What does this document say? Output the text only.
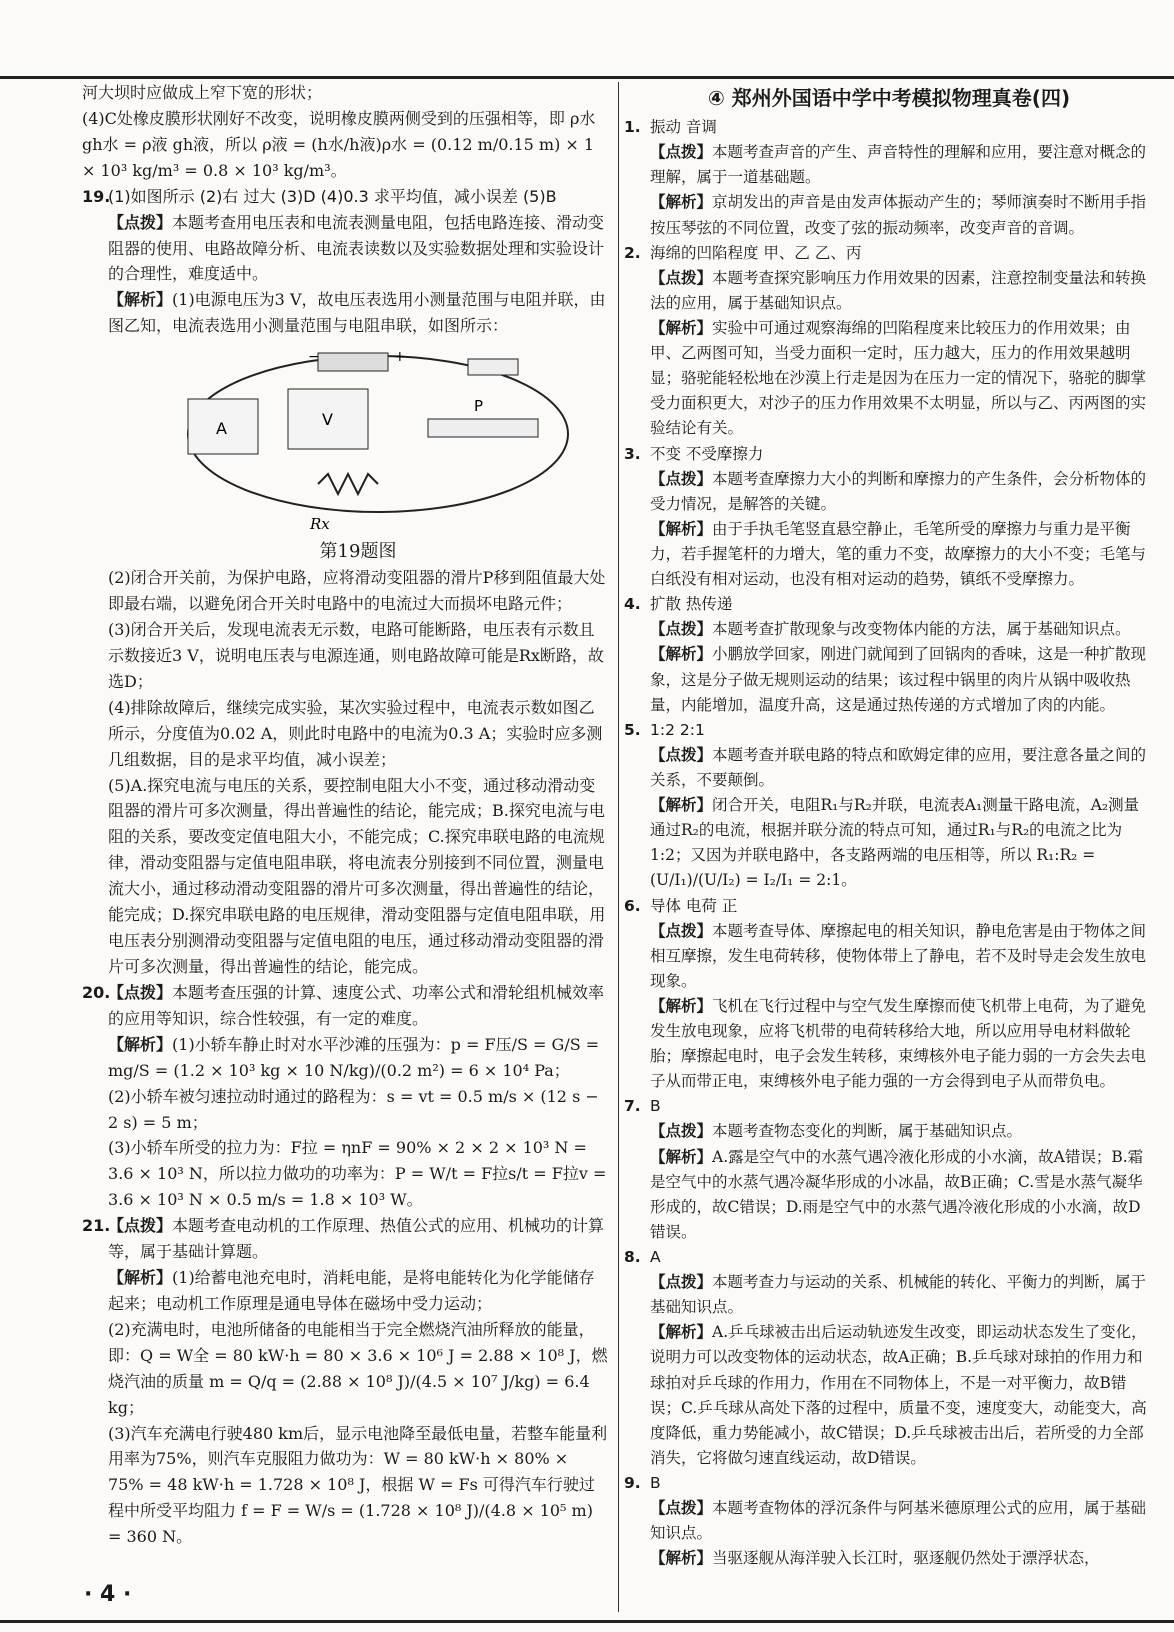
河大坝时应做成上窄下宽的形状；

(4)C处橡皮膜形状刚好不改变，说明橡皮膜两侧受到的压强相等，即 ρ水 gh水 = ρ液 gh液，所以 ρ液 = (h水/h液)ρ水 = (0.12 m/0.15 m) × 1 × 10³ kg/m³ = 0.8 × 10³ kg/m³。

19.

(1)如图所示 (2)右 过大 (3)D (4)0.3 求平均值，减小误差 (5)B

【点拨】本题考查用电压表和电流表测量电阻，包括电路连接、滑动变阻器的使用、电路故障分析、电流表读数以及实验数据处理和实验设计的合理性，难度适中。

【解析】(1)电源电压为3 V，故电压表选用小测量范围与电阻并联，由图乙知，电流表选用小测量范围与电阻串联，如图所示：

−	+
A	V
P
Rx

第19题图

(2)闭合开关前，为保护电路，应将滑动变阻器的滑片P移到阻值最大处即最右端，以避免闭合开关时电路中的电流过大而损坏电路元件；

(3)闭合开关后，发现电流表无示数，电路可能断路，电压表有示数且示数接近3 V，说明电压表与电源连通，则电路故障可能是Rx断路，故选D；

(4)排除故障后，继续完成实验，某次实验过程中，电流表示数如图乙所示，分度值为0.02 A，则此时电路中的电流为0.3 A；实验时应多测几组数据，目的是求平均值，减小误差；

(5)A.探究电流与电压的关系，要控制电阻大小不变，通过移动滑动变阻器的滑片可多次测量，得出普遍性的结论，能完成；B.探究电流与电阻的关系，要改变定值电阻大小，不能完成；C.探究串联电路的电流规律，滑动变阻器与定值电阻串联，将电流表分别接到不同位置，测量电流大小，通过移动滑动变阻器的滑片可多次测量，得出普遍性的结论，能完成；D.探究串联电路的电压规律，滑动变阻器与定值电阻串联，用电压表分别测滑动变阻器与定值电阻的电压，通过移动滑动变阻器的滑片可多次测量，得出普遍性的结论，能完成。

20.

【点拨】本题考查压强的计算、速度公式、功率公式和滑轮组机械效率的应用等知识，综合性较强，有一定的难度。

【解析】(1)小轿车静止时对水平沙滩的压强为：p = F压/S = G/S = mg/S = (1.2 × 10³ kg × 10 N/kg)/(0.2 m²) = 6 × 10⁴ Pa；

(2)小轿车被匀速拉动时通过的路程为：s = vt = 0.5 m/s × (12 s − 2 s) = 5 m；

(3)小轿车所受的拉力为：F拉 = ηnF = 90% × 2 × 2 × 10³ N = 3.6 × 10³ N，所以拉力做功的功率为：P = W/t = F拉s/t = F拉v = 3.6 × 10³ N × 0.5 m/s = 1.8 × 10³ W。

21.

【点拨】本题考查电动机的工作原理、热值公式的应用、机械功的计算等，属于基础计算题。

【解析】(1)给蓄电池充电时，消耗电能，是将电能转化为化学能储存起来；电动机工作原理是通电导体在磁场中受力运动；

(2)充满电时，电池所储备的电能相当于完全燃烧汽油所释放的能量，即：Q = W全 = 80 kW·h = 80 × 3.6 × 10⁶ J = 2.88 × 10⁸ J，燃烧汽油的质量 m = Q/q = (2.88 × 10⁸ J)/(4.5 × 10⁷ J/kg) = 6.4 kg；

(3)汽车充满电行驶480 km后，显示电池降至最低电量，若整车能量利用率为75%，则汽车克服阻力做功为：W = 80 kW·h × 80% × 75% = 48 kW·h = 1.728 × 10⁸ J，根据 W = Fs 可得汽车行驶过程中所受平均阻力 f = F = W/s = (1.728 × 10⁸ J)/(4.8 × 10⁵ m) = 360 N。

· 4 ·

④ 郑州外国语中学中考模拟物理真卷(四)

1. 振动 音调

【点拨】本题考查声音的产生、声音特性的理解和应用，要注意对概念的理解，属于一道基础题。

【解析】京胡发出的声音是由发声体振动产生的；琴师演奏时不断用手指按压琴弦的不同位置，改变了弦的振动频率，改变声音的音调。

2. 海绵的凹陷程度 甲、乙 乙、丙

【点拨】本题考查探究影响压力作用效果的因素，注意控制变量法和转换法的应用，属于基础知识点。

【解析】实验中可通过观察海绵的凹陷程度来比较压力的作用效果；由甲、乙两图可知，当受力面积一定时，压力越大，压力的作用效果越明显；骆驼能轻松地在沙漠上行走是因为在压力一定的情况下，骆驼的脚掌受力面积更大，对沙子的压力作用效果不太明显，所以与乙、丙两图的实验结论有关。

3. 不变 不受摩擦力

【点拨】本题考查摩擦力大小的判断和摩擦力的产生条件，会分析物体的受力情况，是解答的关键。

【解析】由于手执毛笔竖直悬空静止，毛笔所受的摩擦力与重力是平衡力，若手握笔杆的力增大，笔的重力不变，故摩擦力的大小不变；毛笔与白纸没有相对运动，也没有相对运动的趋势，镇纸不受摩擦力。

4. 扩散 热传递

【点拨】本题考查扩散现象与改变物体内能的方法，属于基础知识点。

【解析】小鹏放学回家，刚进门就闻到了回锅肉的香味，这是一种扩散现象，这是分子做无规则运动的结果；该过程中锅里的肉片从锅中吸收热量，内能增加，温度升高，这是通过热传递的方式增加了肉的内能。

5. 1:2 2:1

【点拨】本题考查并联电路的特点和欧姆定律的应用，要注意各量之间的关系，不要颠倒。

【解析】闭合开关，电阻R₁与R₂并联，电流表A₁测量干路电流，A₂测量通过R₂的电流，根据并联分流的特点可知，通过R₁与R₂的电流之比为1:2；又因为并联电路中，各支路两端的电压相等，所以 R₁:R₂ = (U/I₁)/(U/I₂) = I₂/I₁ = 2:1。

6. 导体 电荷 正

【点拨】本题考查导体、摩擦起电的相关知识，静电危害是由于物体之间相互摩擦，发生电荷转移，使物体带上了静电，若不及时导走会发生放电现象。

【解析】飞机在飞行过程中与空气发生摩擦而使飞机带上电荷，为了避免发生放电现象，应将飞机带的电荷转移给大地，所以应用导电材料做轮胎；摩擦起电时，电子会发生转移，束缚核外电子能力弱的一方会失去电子从而带正电，束缚核外电子能力强的一方会得到电子从而带负电。

7. B

【点拨】本题考查物态变化的判断，属于基础知识点。

【解析】A.露是空气中的水蒸气遇冷液化形成的小水滴，故A错误；B.霜是空气中的水蒸气遇冷凝华形成的小冰晶，故B正确；C.雪是水蒸气凝华形成的，故C错误；D.雨是空气中的水蒸气遇冷液化形成的小水滴，故D错误。

8. A

【点拨】本题考查力与运动的关系、机械能的转化、平衡力的判断，属于基础知识点。

【解析】A.乒乓球被击出后运动轨迹发生改变，即运动状态发生了变化，说明力可以改变物体的运动状态，故A正确；B.乒乓球对球拍的作用力和球拍对乒乓球的作用力，作用在不同物体上，不是一对平衡力，故B错误；C.乒乓球从高处下落的过程中，质量不变，速度变大，动能变大，高度降低，重力势能减小，故C错误；D.乒乓球被击出后，若所受的力全部消失，它将做匀速直线运动，故D错误。

9. B

【点拨】本题考查物体的浮沉条件与阿基米德原理公式的应用，属于基础知识点。

【解析】当驱逐舰从海洋驶入长江时，驱逐舰仍然处于漂浮状态，
